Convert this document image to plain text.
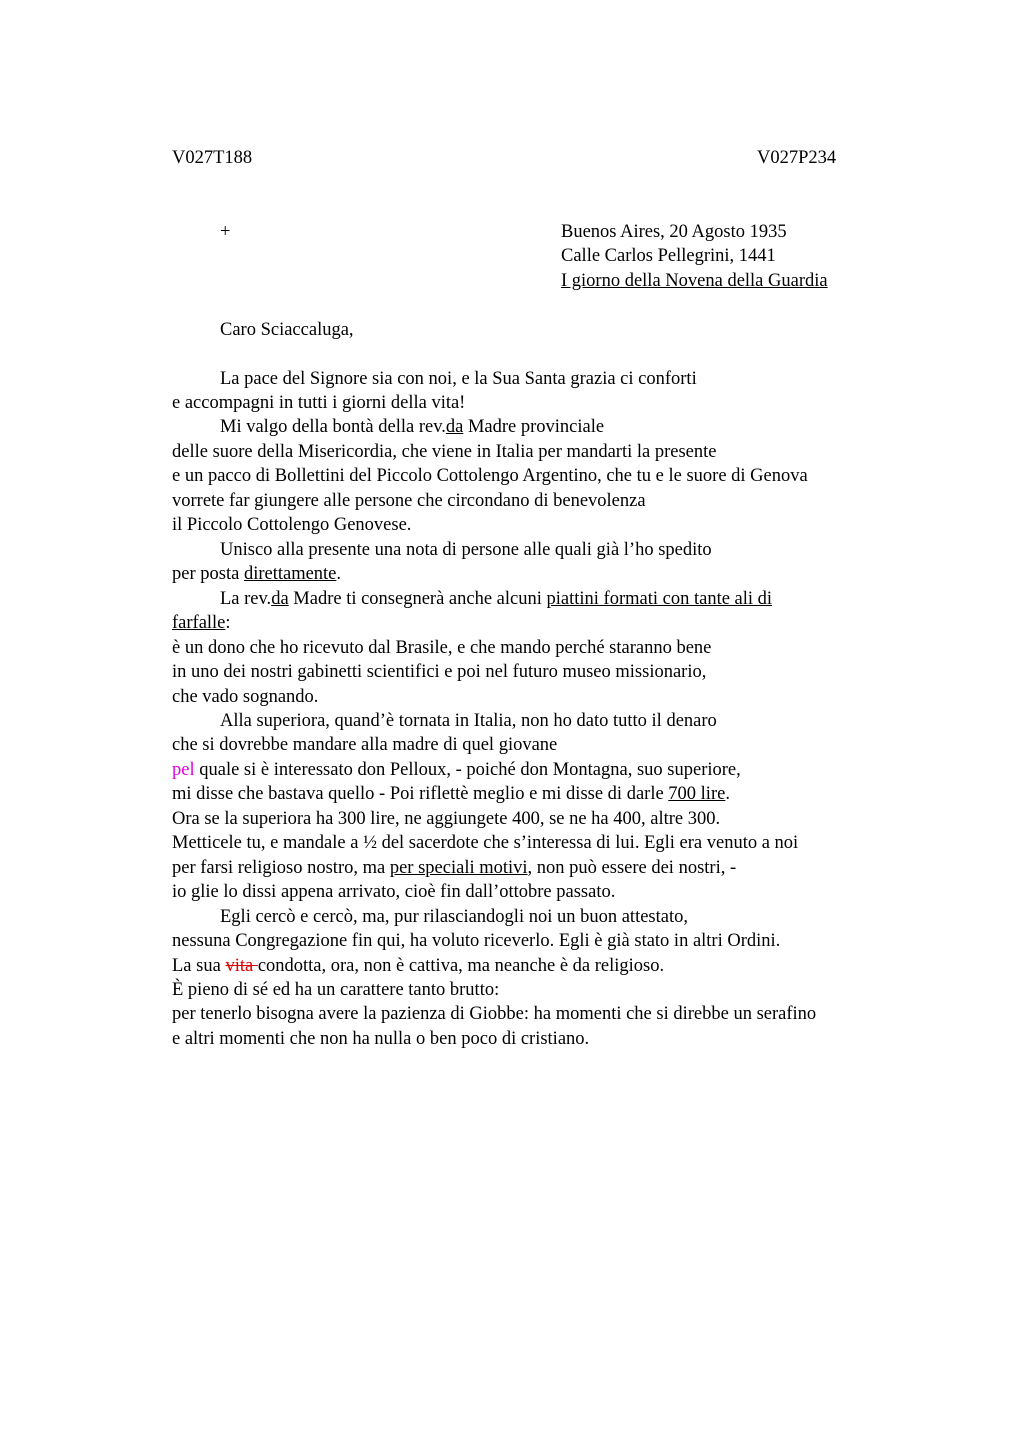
V027T188	V027P234
+	Buenos Aires, 20 Agosto 1935
Calle Carlos Pellegrini, 1441
I giorno della Novena della Guardia
Caro Sciaccaluga,
La pace del Signore sia con noi, e la Sua Santa grazia ci conforti
e accompagni in tutti i giorni della vita!
Mi valgo della bontà della rev.da Madre provinciale
delle suore della Misericordia, che viene in Italia per mandarti la presente
e un pacco di Bollettini del Piccolo Cottolengo Argentino, che tu e le suore di Genova
vorrete far giungere alle persone che circondano di benevolenza
il Piccolo Cottolengo Genovese.
Unisco alla presente una nota di persone alle quali già l’ho spedito
per posta direttamente.
La rev.da Madre ti consegnerà anche alcuni piattini formati con tante ali di
farfalle:
è un dono che ho ricevuto dal Brasile, e che mando perché staranno bene
in uno dei nostri gabinetti scientifici e poi nel futuro museo missionario,
che vado sognando.
Alla superiora, quand’è tornata in Italia, non ho dato tutto il denaro
che si dovrebbe mandare alla madre di quel giovane
pel quale si è interessato don Pelloux, - poiché don Montagna, suo superiore,
mi disse che bastava quello - Poi riflettè meglio e mi disse di darle 700 lire.
Ora se la superiora ha 300 lire, ne aggiungete 400, se ne ha 400, altre 300.
Metticele tu, e mandale a ½ del sacerdote che s’interessa di lui. Egli era venuto a noi
per farsi religioso nostro, ma per speciali motivi, non può essere dei nostri, -
io glie lo dissi appena arrivato, cioè fin dall’ottobre passato.
Egli cercò e cercò, ma, pur rilasciandogli noi un buon attestato,
nessuna Congregazione fin qui, ha voluto riceverlo. Egli è già stato in altri Ordini.
La sua vita condotta, ora, non è cattiva, ma neanche è da religioso.
È pieno di sé ed ha un carattere tanto brutto:
per tenerlo bisogna avere la pazienza di Giobbe: ha momenti che si direbbe un serafino
e altri momenti che non ha nulla o ben poco di cristiano.
